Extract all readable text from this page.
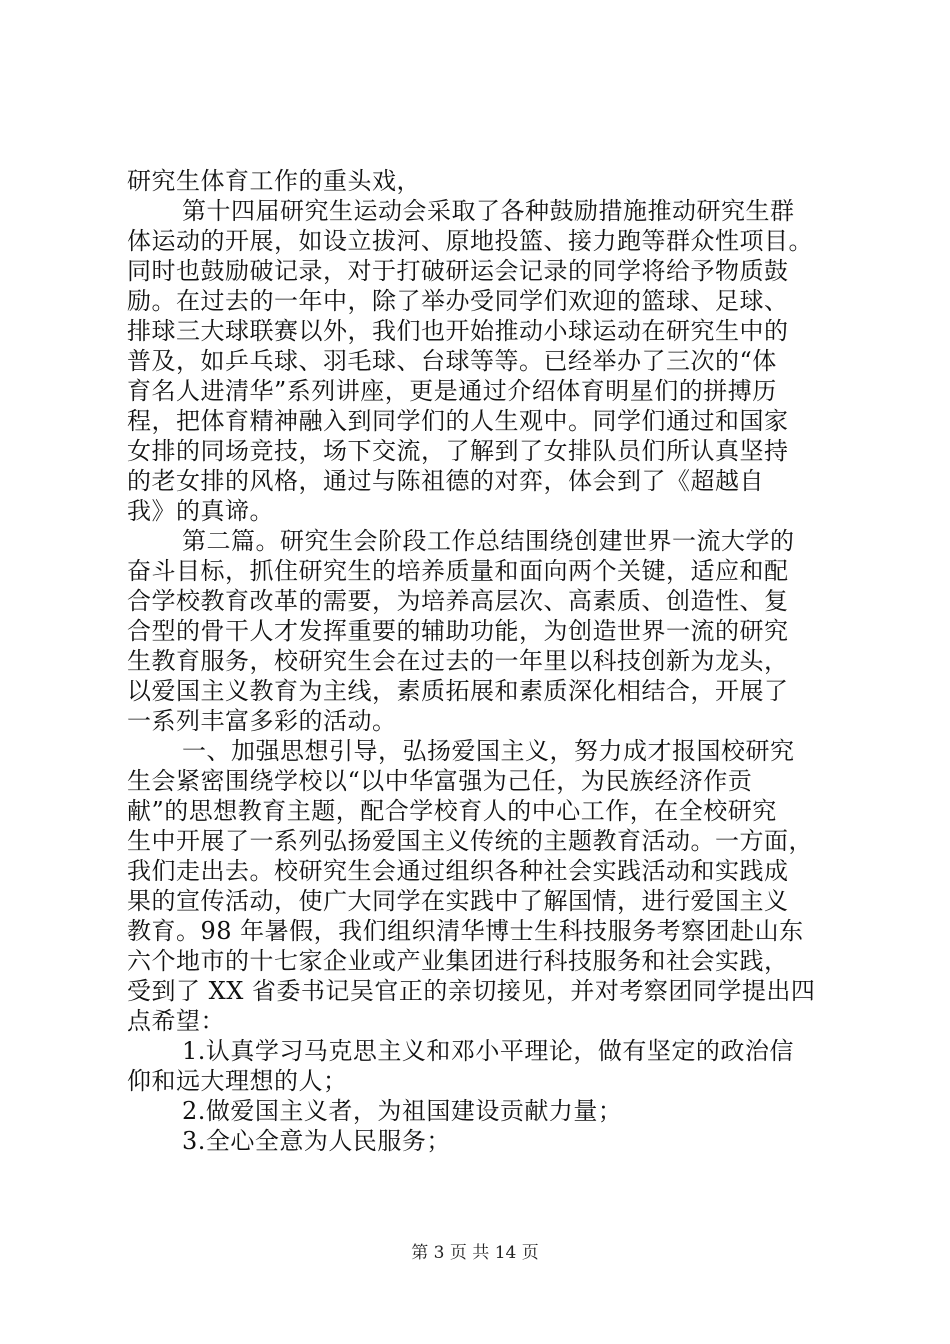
研究生体育工作的重头戏，
第十四届研究生运动会采取了各种鼓励措施推动研究生群
体运动的开展，如设立拔河、原地投篮、接力跑等群众性项目。
同时也鼓励破记录，对于打破研运会记录的同学将给予物质鼓
励。在过去的一年中，除了举办受同学们欢迎的篮球、足球、
排球三大球联赛以外，我们也开始推动小球运动在研究生中的
普及，如乒乓球、羽毛球、台球等等。已经举办了三次的“体
育名人进清华”系列讲座，更是通过介绍体育明星们的拼搏历
程，把体育精神融入到同学们的人生观中。同学们通过和国家
女排的同场竞技，场下交流，了解到了女排队员们所认真坚持
的老女排的风格，通过与陈祖德的对弈，体会到了《超越自
我》的真谛。
第二篇。研究生会阶段工作总结围绕创建世界一流大学的
奋斗目标，抓住研究生的培养质量和面向两个关键，适应和配
合学校教育改革的需要，为培养高层次、高素质、创造性、复
合型的骨干人才发挥重要的辅助功能，为创造世界一流的研究
生教育服务，校研究生会在过去的一年里以科技创新为龙头，
以爱国主义教育为主线，素质拓展和素质深化相结合，开展了
一系列丰富多彩的活动。
一、加强思想引导，弘扬爱国主义，努力成才报国校研究
生会紧密围绕学校以“以中华富强为己任，为民族经济作贡
献”的思想教育主题，配合学校育人的中心工作，在全校研究
生中开展了一系列弘扬爱国主义传统的主题教育活动。一方面，
我们走出去。校研究生会通过组织各种社会实践活动和实践成
果的宣传活动，使广大同学在实践中了解国情，进行爱国主义
教育。98 年暑假，我们组织清华博士生科技服务考察团赴山东
六个地市的十七家企业或产业集团进行科技服务和社会实践，
受到了 XX 省委书记吴官正的亲切接见，并对考察团同学提出四
点希望：
1.认真学习马克思主义和邓小平理论，做有坚定的政治信
仰和远大理想的人；
2.做爱国主义者，为祖国建设贡献力量；
3.全心全意为人民服务；
第 3 页 共 14 页
